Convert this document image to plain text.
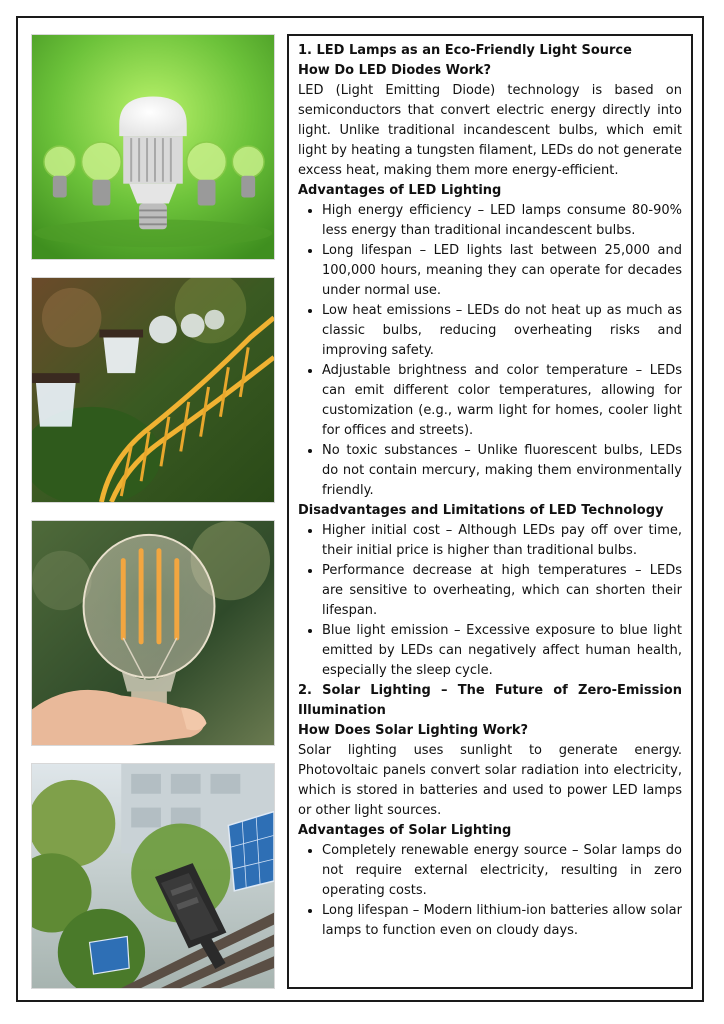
1. LED Lamps as an Eco-Friendly Light Source

How Do LED Diodes Work?

LED (Light Emitting Diode) technology is based on semiconductors that convert electric energy directly into light. Unlike traditional incandescent bulbs, which emit light by heating a tungsten filament, LEDs do not generate excess heat, making them more energy-efficient.

Advantages of LED Lighting

• High energy efficiency – LED lamps consume 80-90% less energy than traditional incandescent bulbs.
• Long lifespan – LED lights last between 25,000 and 100,000 hours, meaning they can operate for decades under normal use.
• Low heat emissions – LEDs do not heat up as much as classic bulbs, reducing overheating risks and improving safety.
• Adjustable brightness and color temperature – LEDs can emit different color temperatures, allowing for customization (e.g., warm light for homes, cooler light for offices and streets).
• No toxic substances – Unlike fluorescent bulbs, LEDs do not contain mercury, making them environmentally friendly.

Disadvantages and Limitations of LED Technology

• Higher initial cost – Although LEDs pay off over time, their initial price is higher than traditional bulbs.
• Performance decrease at high temperatures – LEDs are sensitive to overheating, which can shorten their lifespan.
• Blue light emission – Excessive exposure to blue light emitted by LEDs can negatively affect human health, especially the sleep cycle.

2. Solar Lighting – The Future of Zero-Emission Illumination

How Does Solar Lighting Work?

Solar lighting uses sunlight to generate energy. Photovoltaic panels convert solar radiation into electricity, which is stored in batteries and used to power LED lamps or other light sources.

Advantages of Solar Lighting

• Completely renewable energy source – Solar lamps do not require external electricity, resulting in zero operating costs.
• Long lifespan – Modern lithium-ion batteries allow solar lamps to function even on cloudy days.
